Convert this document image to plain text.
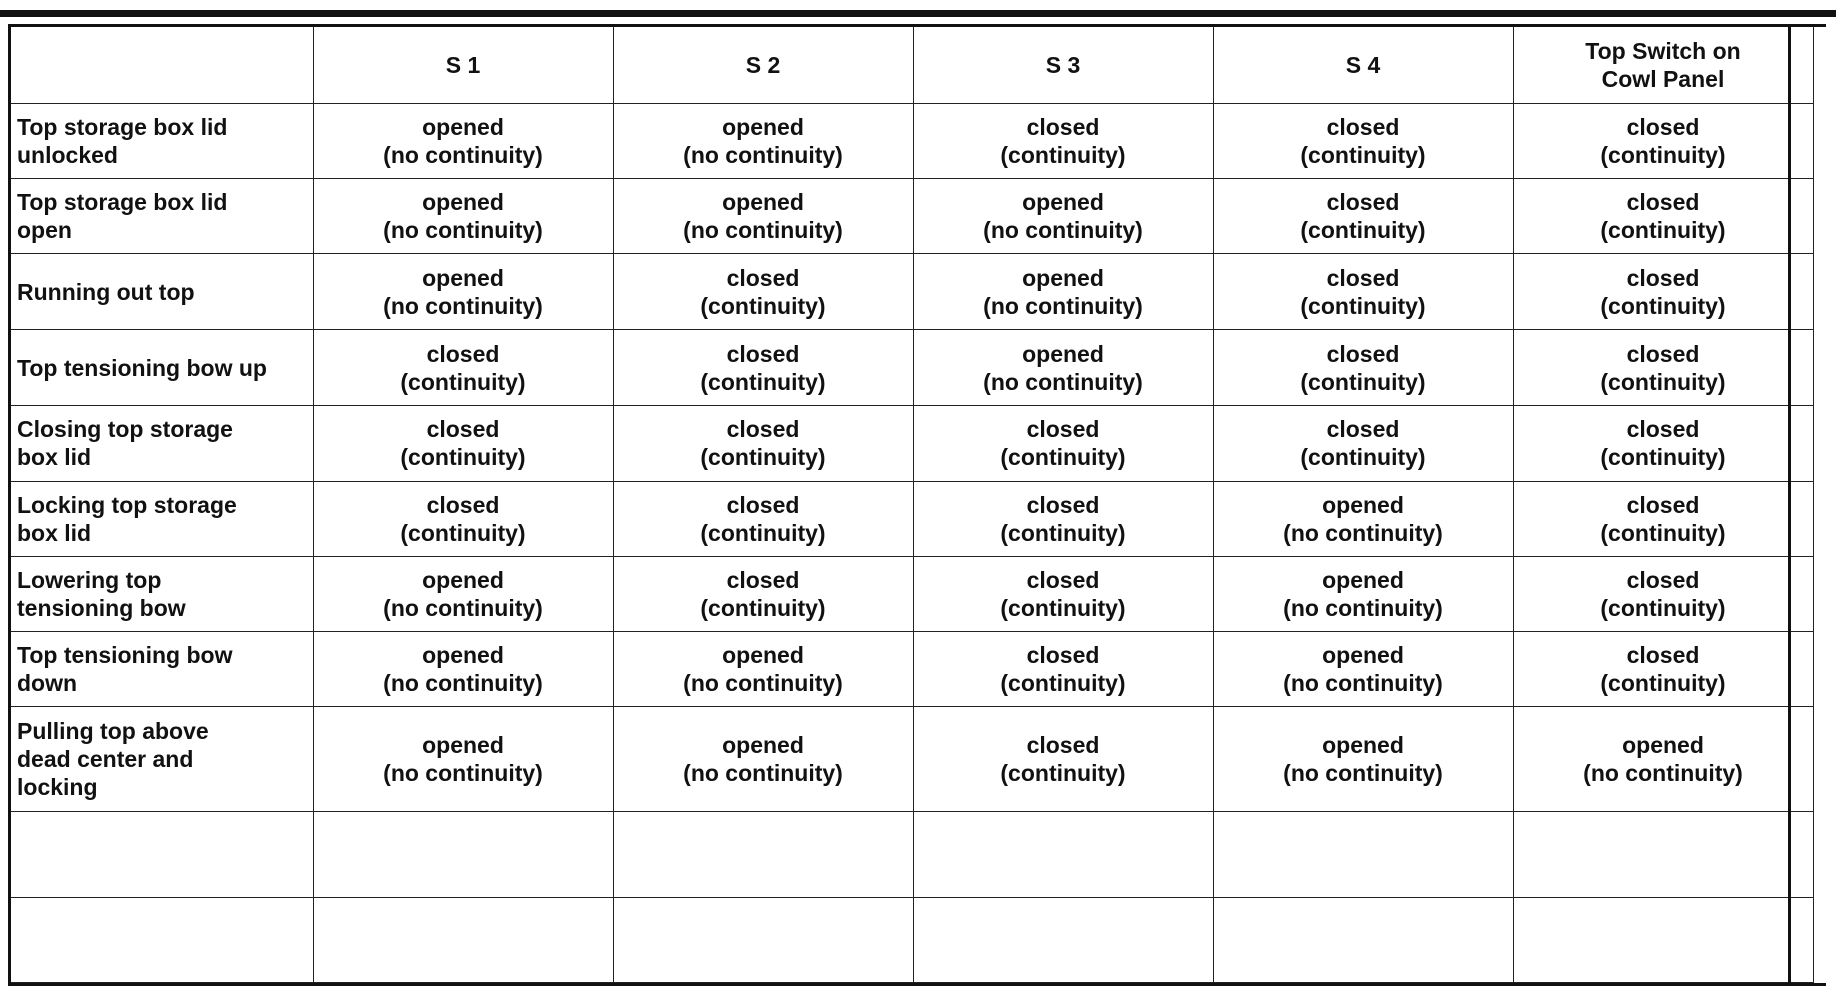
	S 1	S 2	S 3	S 4	Top Switch on
Cowl Panel

Top storage box lid
unlocked	opened
(no continuity)	opened
(no continuity)	closed
(continuity)	closed
(continuity)	closed
(continuity)

Top storage box lid
open	opened
(no continuity)	opened
(no continuity)	opened
(no continuity)	closed
(continuity)	closed
(continuity)

Running out top	opened
(no continuity)	closed
(continuity)	opened
(no continuity)	closed
(continuity)	closed
(continuity)

Top tensioning bow up	closed
(continuity)	closed
(continuity)	opened
(no continuity)	closed
(continuity)	closed
(continuity)

Closing top storage
box lid	closed
(continuity)	closed
(continuity)	closed
(continuity)	closed
(continuity)	closed
(continuity)

Locking top storage
box lid	closed
(continuity)	closed
(continuity)	closed
(continuity)	opened
(no continuity)	closed
(continuity)

Lowering top
tensioning bow	opened
(no continuity)	closed
(continuity)	closed
(continuity)	opened
(no continuity)	closed
(continuity)

Top tensioning bow
down	opened
(no continuity)	opened
(no continuity)	closed
(continuity)	opened
(no continuity)	closed
(continuity)

Pulling top above
dead center and
locking	opened
(no continuity)	opened
(no continuity)	closed
(continuity)	opened
(no continuity)	opened
(no continuity)
